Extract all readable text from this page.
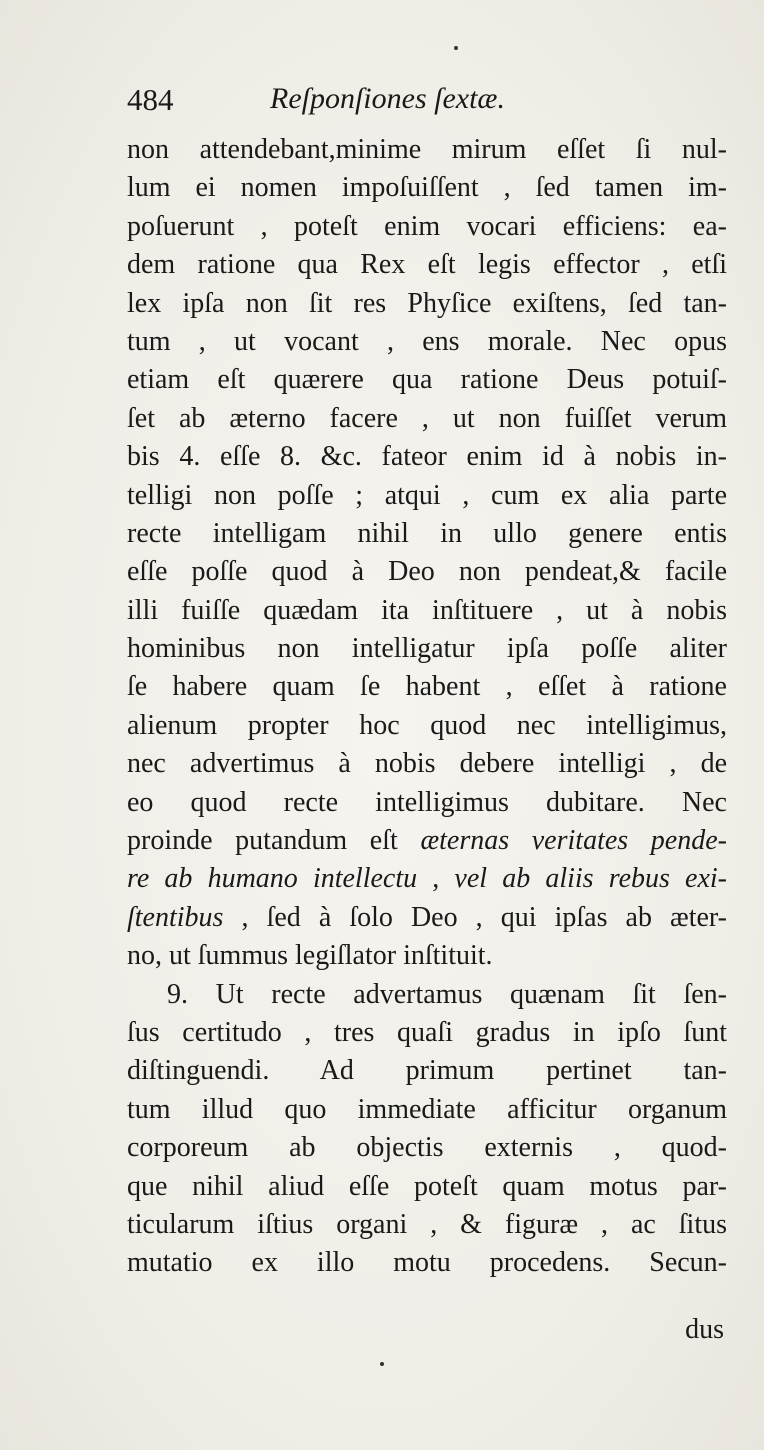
484	Reſponſiones ſextæ.
non attendebant,minime mirum eſſet ſi nul-
lum ei nomen impoſuiſſent , ſed tamen im-
poſuerunt , poteſt enim vocari efficiens: ea-
dem ratione qua Rex eſt legis effector , etſi
lex ipſa non ſit res Phyſice exiſtens, ſed tan-
tum , ut vocant , ens morale. Nec opus
etiam eſt quærere qua ratione Deus potuiſ-
ſet ab æterno facere , ut non fuiſſet verum
bis 4. eſſe 8. &c. fateor enim id à nobis in-
telligi non poſſe ; atqui , cum ex alia parte
recte intelligam nihil in ullo genere entis
eſſe poſſe quod à Deo non pendeat,& facile
illi fuiſſe quædam ita inſtituere , ut à nobis
hominibus non intelligatur ipſa poſſe aliter
ſe habere quam ſe habent , eſſet à ratione
alienum propter hoc quod nec intelligimus,
nec advertimus à nobis debere intelligi , de
eo quod recte intelligimus dubitare. Nec
proinde putandum eſt æternas veritates pende-
re ab humano intellectu , vel ab aliis rebus exi-
ſtentibus , ſed à ſolo Deo , qui ipſas ab æter-
no, ut ſummus legiſlator inſtituit.
9. Ut recte advertamus quænam ſit ſen-
ſus certitudo , tres quaſi gradus in ipſo ſunt
diſtinguendi. Ad primum pertinet tan-
tum illud quo immediate afficitur organum
corporeum ab objectis externis , quod-
que nihil aliud eſſe poteſt quam motus par-
ticularum iſtius organi , & figuræ , ac ſitus
mutatio ex illo motu procedens. Secun-
dus
